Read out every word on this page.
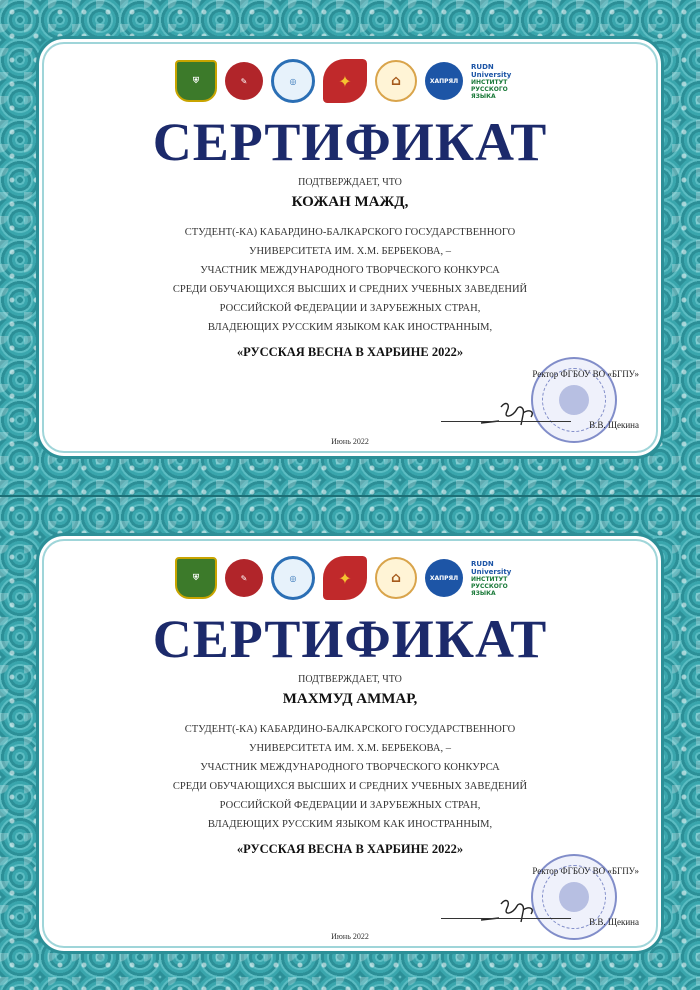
⛨	✎	◎	✦	⌂	ХАПРЯЛ
RUDN University
ИНСТИТУТ РУССКОГО ЯЗЫКА
СЕРТИФИКАТ
ПОДТВЕРЖДАЕТ, ЧТО
КОЖАН МАЖД,
СТУДЕНТ(-КА) КАБАРДИНО-БАЛКАРСКОГО ГОСУДАРСТВЕННОГО
УНИВЕРСИТЕТА ИМ. Х.М. БЕРБЕКОВА, –
УЧАСТНИК МЕЖДУНАРОДНОГО ТВОРЧЕСКОГО КОНКУРСА
СРЕДИ ОБУЧАЮЩИХСЯ ВЫСШИХ И СРЕДНИХ УЧЕБНЫХ ЗАВЕДЕНИЙ
РОССИЙСКОЙ ФЕДЕРАЦИИ И ЗАРУБЕЖНЫХ СТРАН,
ВЛАДЕЮЩИХ РУССКИМ ЯЗЫКОМ КАК ИНОСТРАННЫМ,
«РУССКАЯ ВЕСНА В ХАРБИНЕ 2022»
Ректор ФГБОУ ВО «БГПУ»
В.В. Щекина
Июнь 2022
⛨	✎	◎	✦	⌂	ХАПРЯЛ
RUDN University
ИНСТИТУТ РУССКОГО ЯЗЫКА
СЕРТИФИКАТ
ПОДТВЕРЖДАЕТ, ЧТО
МАХМУД АММАР,
СТУДЕНТ(-КА) КАБАРДИНО-БАЛКАРСКОГО ГОСУДАРСТВЕННОГО
УНИВЕРСИТЕТА ИМ. Х.М. БЕРБЕКОВА, –
УЧАСТНИК МЕЖДУНАРОДНОГО ТВОРЧЕСКОГО КОНКУРСА
СРЕДИ ОБУЧАЮЩИХСЯ ВЫСШИХ И СРЕДНИХ УЧЕБНЫХ ЗАВЕДЕНИЙ
РОССИЙСКОЙ ФЕДЕРАЦИИ И ЗАРУБЕЖНЫХ СТРАН,
ВЛАДЕЮЩИХ РУССКИМ ЯЗЫКОМ КАК ИНОСТРАННЫМ,
«РУССКАЯ ВЕСНА В ХАРБИНЕ 2022»
Ректор ФГБОУ ВО «БГПУ»
В.В. Щекина
Июнь 2022
